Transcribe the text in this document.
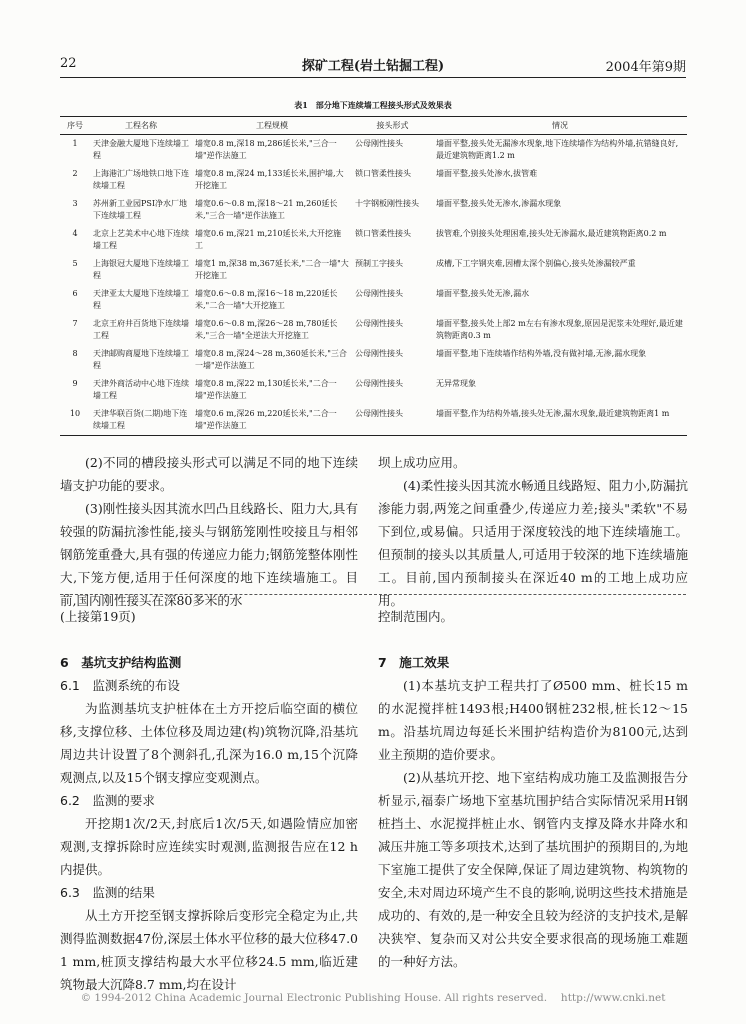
22	探矿工程(岩土钻掘工程)	2004年第9期
表1　部分地下连续墙工程接头形式及效果表
序号	工程名称	工程规模	接头形式	情况
1	天津金融大厦地下连续墙工程	墙宽0.8 m,深18 m,286延长米,"三合一墙"逆作法施工	公母刚性接头	墙面平整,接头处无漏渗水现象,地下连续墙作为结构外墙,抗错缝良好,最近建筑物距离1.2 m
2	上海港汇广场地铁口地下连续墙工程	墙宽0.8 m,深24 m,133延长米,围护墙,大开挖施工	锁口管柔性接头	墙面平整,接头处渗水,拔管难
3	苏州新工业园PSI净水厂地下连续墙工程	墙宽0.6～0.8 m,深18～21 m,260延长米,"三合一墙"逆作法施工	十字钢板刚性接头	墙面平整,接头处无渗水,渗漏水现象
4	北京上艺美术中心地下连续墙工程	墙宽0.6 m,深21 m,210延长米,大开挖施工	锁口管柔性接头	拔管难,个别接头处理困难,接头处无渗漏水,最近建筑物距离0.2 m
5	上海银冠大厦地下连续墙工程	墙宽1 m,深38 m,367延长米,"二合一墙"大开挖施工	预制工字接头	成槽,下工字钢夹难,因槽太深个别偏心,接头处渗漏较严重
6	天津亚太大厦地下连续墙工程	墙宽0.6～0.8 m,深16～18 m,220延长米,"二合一墙"大开挖施工	公母刚性接头	墙面平整,接头处无渗,漏水
7	北京王府井百货地下连续墙工程	墙宽0.6～0.8 m,深26～28 m,780延长米,"三合一墙"全逆法大开挖施工	公母刚性接头	墙面平整,接头处上部2 m左右有渗水现象,原因是泥浆未处理好,最近建筑物距离0.3 m
8	天津邮购商厦地下连续墙工程	墙宽0.8 m,深24～28 m,360延长米,"三合一墙"逆作法施工	公母刚性接头	墙面平整,地下连续墙作结构外墙,没有做衬墙,无渗,漏水现象
9	天津外商活动中心地下连续墙工程	墙宽0.8 m,深22 m,130延长米,"二合一墙"逆作法施工	公母刚性接头	无异常现象
10	天津华联百货(二期)地下连续墙工程	墙宽0.6 m,深26 m,220延长米,"二合一墙"逆作法施工	公母刚性接头	墙面平整,作为结构外墙,接头处无渗,漏水现象,最近建筑物距离1 m

(2)不同的槽段接头形式可以满足不同的地下连续墙支护功能的要求。

(3)刚性接头因其流水凹凸且线路长、阻力大,具有较强的防漏抗渗性能,接头与钢筋笼刚性咬接且与相邻钢筋笼重叠大,具有强的传递应力能力;钢筋笼整体刚性大,下笼方便,适用于任何深度的地下连续墙施工。目前,国内刚性接头在深80多米的水

坝上成功应用。

(4)柔性接头因其流水畅通且线路短、阻力小,防漏抗渗能力弱,两笼之间重叠少,传递应力差;接头"柔软"不易下到位,或易偏。只适用于深度较浅的地下连续墙施工。但预制的接头以其质量人,可适用于较深的地下连续墙施工。目前,国内预制接头在深近40 m的工地上成功应用。

(上接第19页)

6　基坑支护结构监测

6.1　监测系统的布设

为监测基坑支护桩体在土方开挖后临空面的横位移,支撑位移、土体位移及周边建(构)筑物沉降,沿基坑周边共计设置了8个测斜孔,孔深为16.0 m,15个沉降观测点,以及15个钢支撑应变观测点。

6.2　监测的要求

开挖期1次/2天,封底后1次/5天,如遇险情应加密观测,支撑拆除时应连续实时观测,监测报告应在12 h内提供。

6.3　监测的结果

从土方开挖至钢支撑拆除后变形完全稳定为止,共测得监测数据47份,深层土体水平位移的最大位移47.01 mm,桩顶支撑结构最大水平位移24.5 mm,临近建筑物最大沉降8.7 mm,均在设计

控制范围内。

7　施工效果

(1)本基坑支护工程共打了Ø500 mm、桩长15 m的水泥搅拌桩1493根;H400钢桩232根,桩长12～15 m。沿基坑周边每延长米围护结构造价为8100元,达到业主预期的造价要求。

(2)从基坑开挖、地下室结构成功施工及监测报告分析显示,福泰广场地下室基坑围护结合实际情况采用H钢桩挡土、水泥搅拌桩止水、钢管内支撑及降水井降水和减压井施工等多项技术,达到了基坑围护的预期目的,为地下室施工提供了安全保障,保证了周边建筑物、构筑物的安全,未对周边环境产生不良的影响,说明这些技术措施是成功的、有效的,是一种安全且较为经济的支护技术,是解决狭窄、复杂而又对公共安全要求很高的现场施工难题的一种好方法。

© 1994-2012 China Academic Journal Electronic Publishing House. All rights reserved.　 http://www.cnki.net
